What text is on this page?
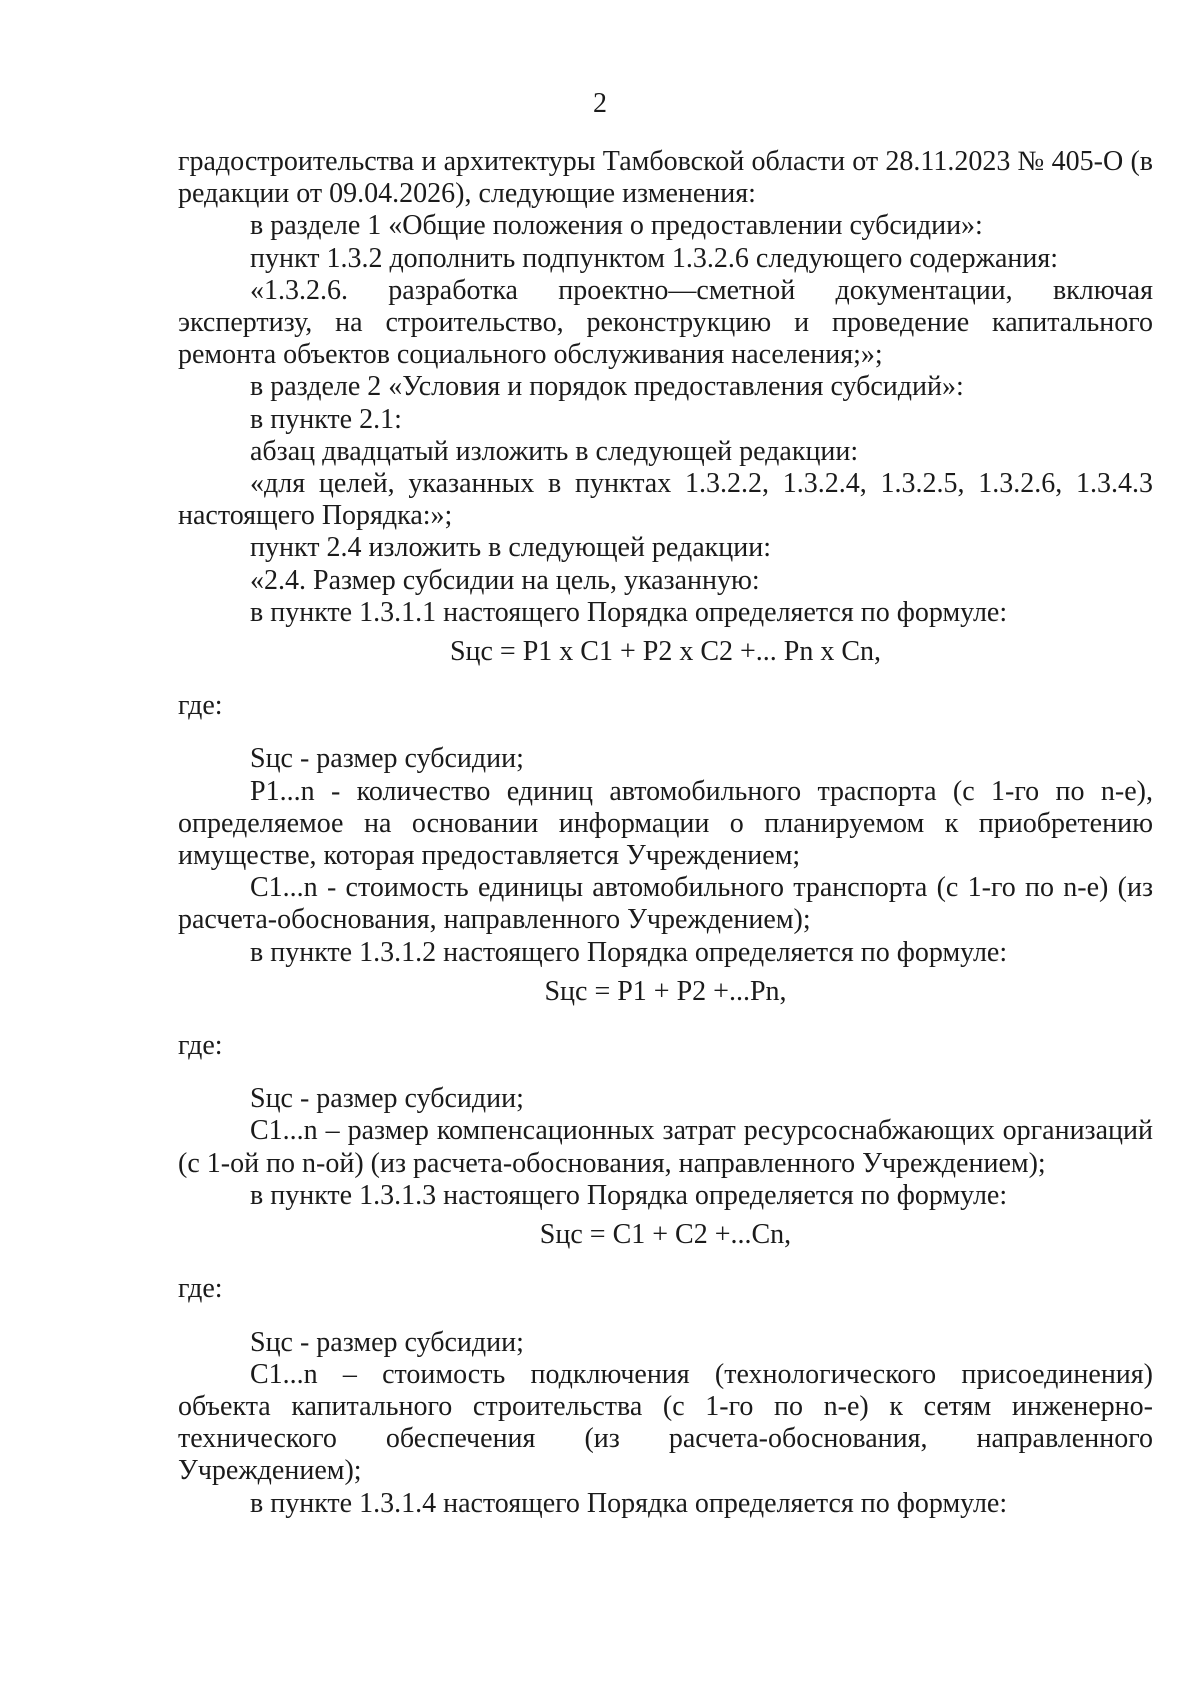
2

градостроительства и архитектуры Тамбовской области от 28.11.2023 № 405-О (в редакции от 09.04.2026), следующие изменения:

в разделе 1 «Общие положения о предоставлении субсидии»:

пункт 1.3.2 дополнить подпунктом 1.3.2.6 следующего содержания:

«1.3.2.6. разработка проектно—сметной документации, включая экспертизу, на строительство, реконструкцию и проведение капитального ремонта объектов социального обслуживания населения;»;

в разделе 2 «Условия и порядок предоставления субсидий»:

в пункте 2.1:

абзац двадцатый изложить в следующей редакции:

«для целей, указанных в пунктах 1.3.2.2, 1.3.2.4, 1.3.2.5, 1.3.2.6, 1.3.4.3 настоящего Порядка:»;

пункт 2.4 изложить в следующей редакции:

«2.4. Размер субсидии на цель, указанную:

в пункте 1.3.1.1 настоящего Порядка определяется по формуле:

Sцс = P1 x C1 + P2 x C2 +... Pn x Cn,

где:

Sцс - размер субсидии;

P1...n - количество единиц автомобильного траспорта (с 1-го по n-е), определяемое на основании информации о планируемом к приобретению имуществе, которая предоставляется Учреждением;

C1...n - стоимость единицы автомобильного транспорта (с 1-го по n-е) (из расчета-обоснования, направленного Учреждением);

в пункте 1.3.1.2 настоящего Порядка определяется по формуле:

Sцс = P1 + P2 +...Pn,

где:

Sцс - размер субсидии;

C1...n – размер компенсационных затрат ресурсоснабжающих организаций (с 1-ой по n-ой) (из расчета-обоснования, направленного Учреждением);

в пункте 1.3.1.3 настоящего Порядка определяется по формуле:

Sцс = C1 + C2 +...Cn,

где:

Sцс - размер субсидии;

C1...n – стоимость подключения (технологического присоединения) объекта капитального строительства (с 1-го по n-е) к сетям инженерно-технического обеспечения (из расчета-обоснования, направленного Учреждением);

в пункте 1.3.1.4 настоящего Порядка определяется по формуле:
